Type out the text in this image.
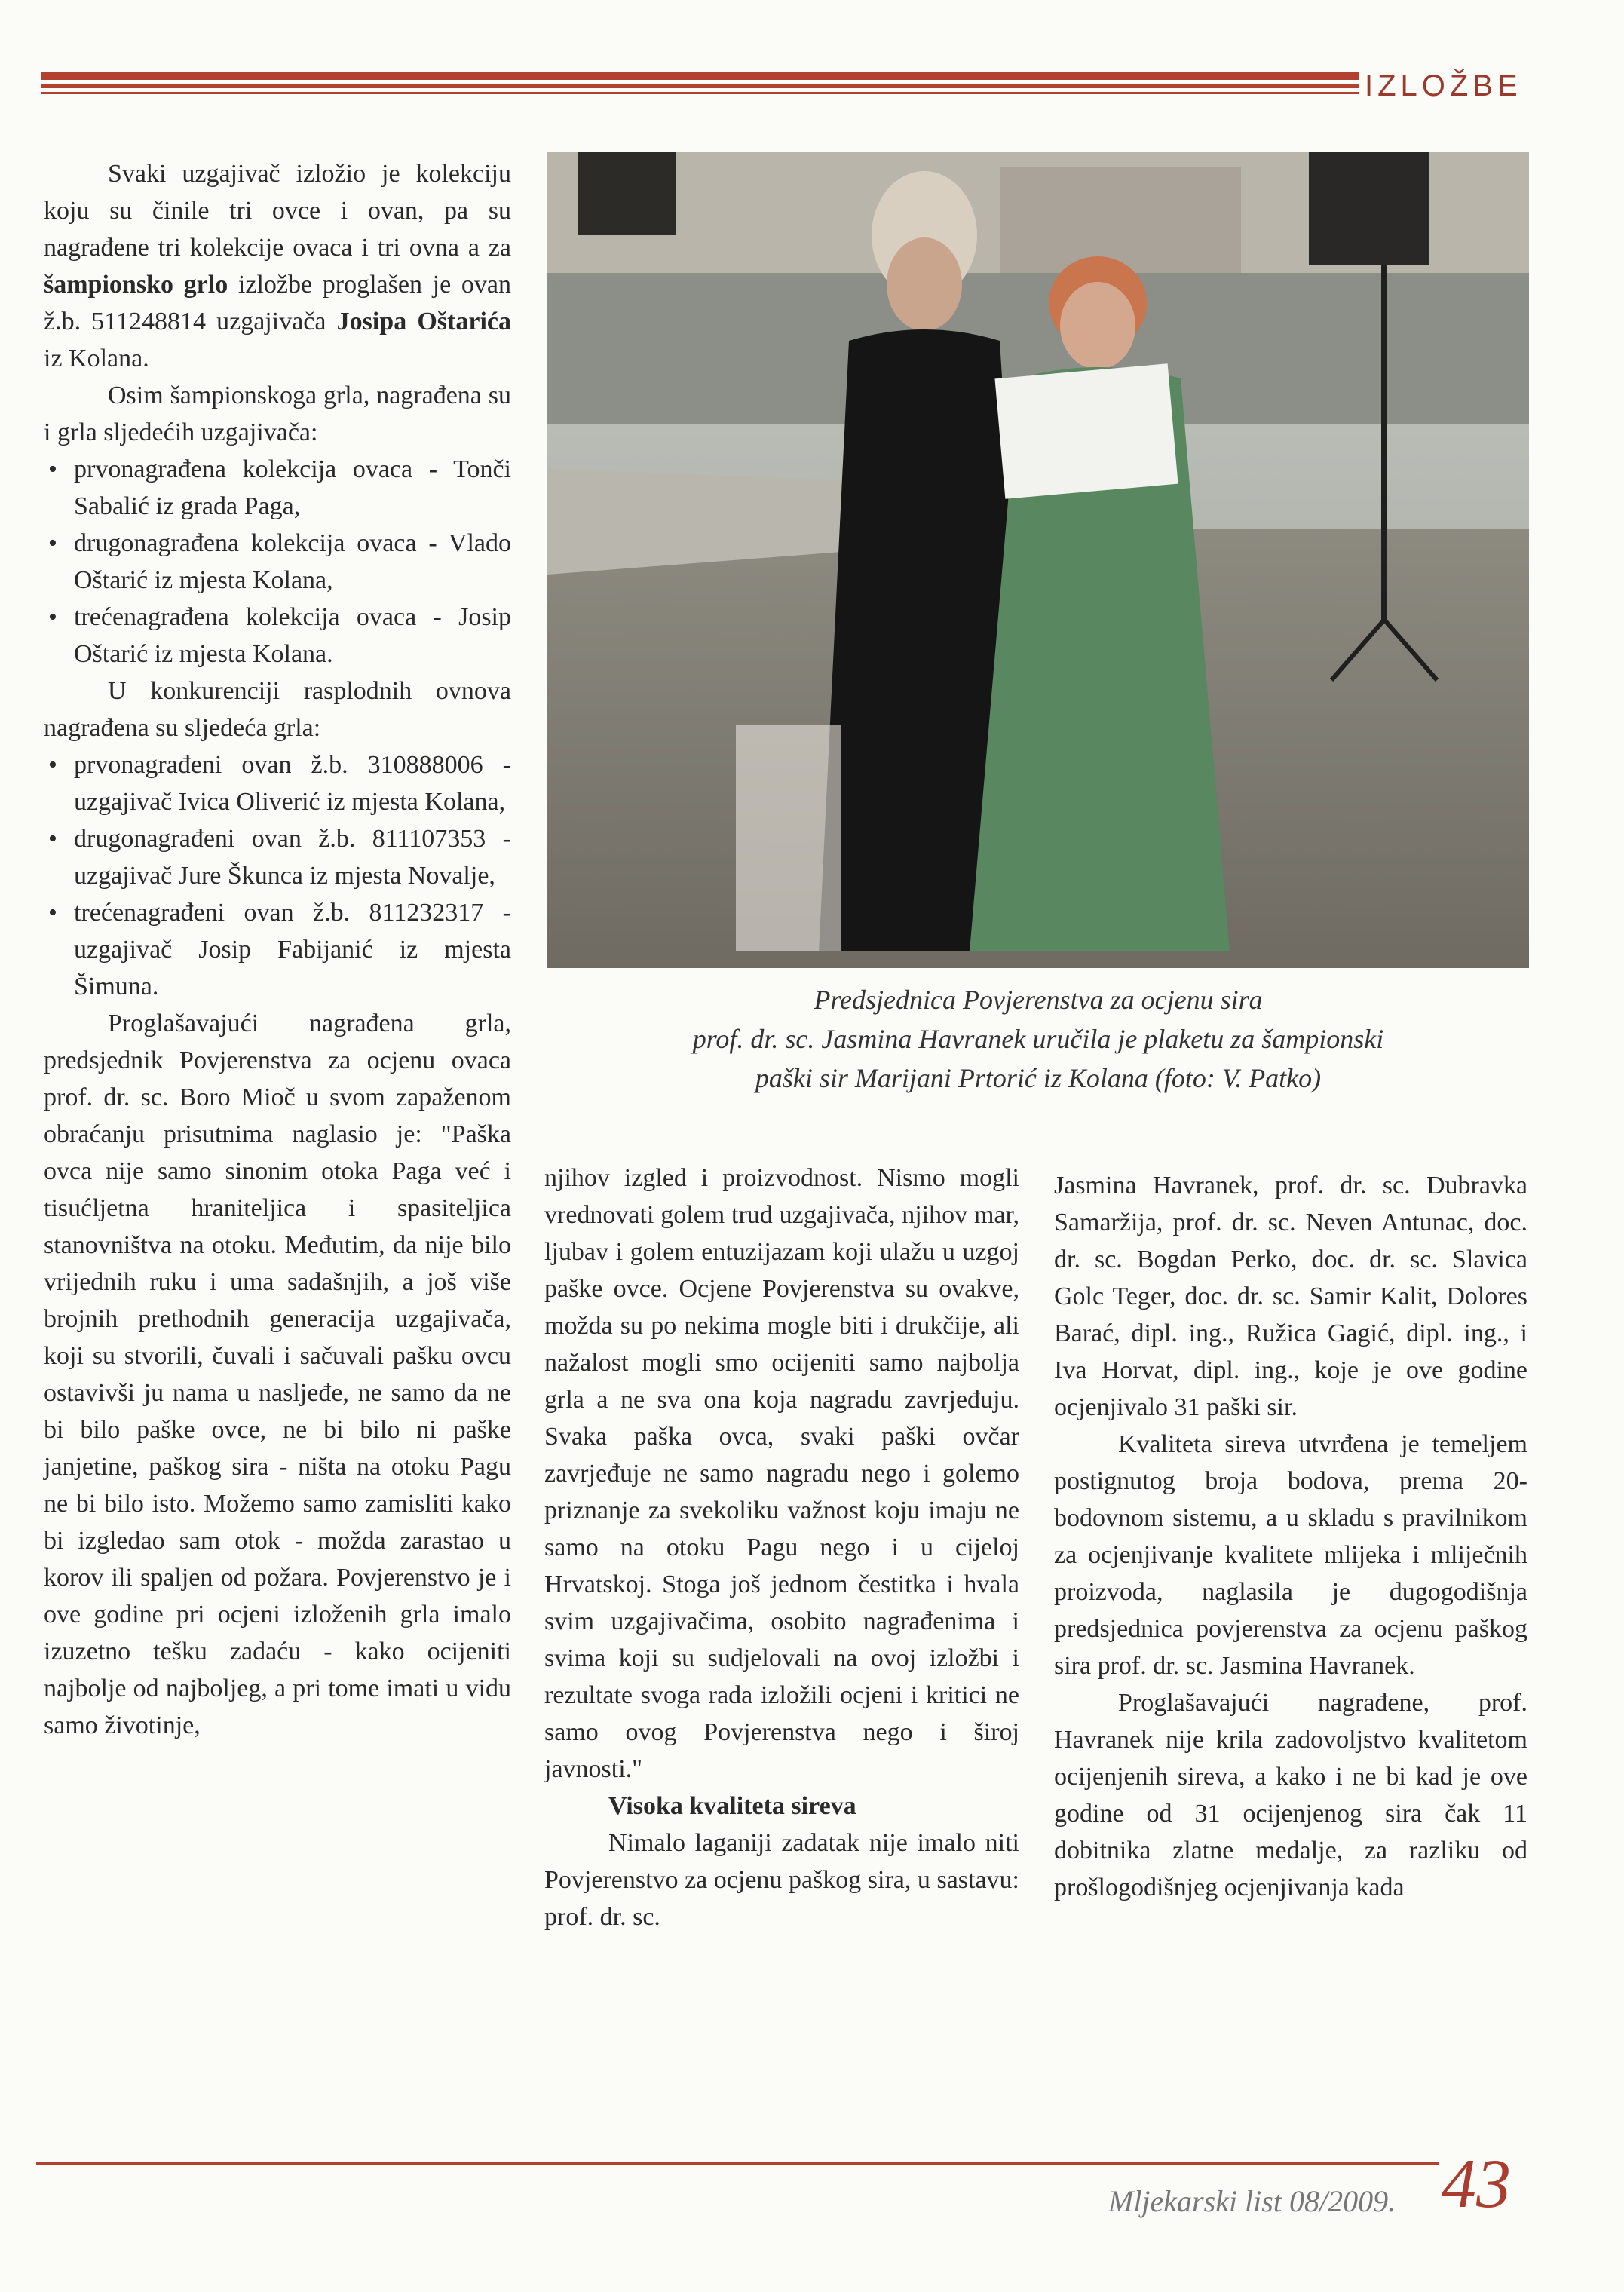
IZLOŽBE

Svaki uzgajivač izložio je kolekciju koju su činile tri ovce i ovan, pa su nagrađene tri kolekcije ovaca i tri ovna a za šampionsko grlo izložbe proglašen je ovan ž.b. 511248814 uzgajivača Josipa Oštarića iz Kolana.

Osim šampionskoga grla, nagrađena su i grla sljedećih uzgajivača:

• prvonagrađena kolekcija ovaca - Tonči Sabalić iz grada Paga,
• drugonagrađena kolekcija ovaca - Vlado Oštarić iz mjesta Kolana,
• trećenagrađena kolekcija ovaca - Josip Oštarić iz mjesta Kolana.

U konkurenciji rasplodnih ovnova nagrađena su sljedeća grla:

• prvonagrađeni ovan ž.b. 310888006 - uzgajivač Ivica Oliverić iz mjesta Kolana,
• drugonagrađeni ovan ž.b. 811107353 - uzgajivač Jure Škunca iz mjesta Novalje,
• trećenagrađeni ovan ž.b. 811232317 - uzgajivač Josip Fabijanić iz mjesta Šimuna.

Proglašavajući nagrađena grla, predsjednik Povjerenstva za ocjenu ovaca prof. dr. sc. Boro Mioč u svom zapaženom obraćanju prisutnima naglasio je: "Paška ovca nije samo sinonim otoka Paga već i tisućljetna hraniteljica i spasiteljica stanovništva na otoku. Međutim, da nije bilo vrijednih ruku i uma sadašnjih, a još više brojnih prethodnih generacija uzgajivača, koji su stvorili, čuvali i sačuvali pašku ovcu ostavivši ju nama u nasljeđe, ne samo da ne bi bilo paške ovce, ne bi bilo ni paške janjetine, paškog sira - ništa na otoku Pagu ne bi bilo isto. Možemo samo zamisliti kako bi izgledao sam otok - možda zarastao u korov ili spaljen od požara. Povjerenstvo je i ove godine pri ocjeni izloženih grla imalo izuzetno tešku zadaću - kako ocijeniti najbolje od najboljeg, a pri tome imati u vidu samo životinje,

Predsjednica Povjerenstva za ocjenu sira
prof. dr. sc. Jasmina Havranek uručila je plaketu za šampionski
paški sir Marijani Prtorić iz Kolana (foto: V. Patko)

njihov izgled i proizvodnost. Nismo mogli vrednovati golem trud uzgajivača, njihov mar, ljubav i golem entuzijazam koji ulažu u uzgoj paške ovce. Ocjene Povjerenstva su ovakve, možda su po nekima mogle biti i drukčije, ali nažalost mogli smo ocijeniti samo najbolja grla a ne sva ona koja nagradu zavrjeđuju. Svaka paška ovca, svaki paški ovčar zavrjeđuje ne samo nagradu nego i golemo priznanje za svekoliku važnost koju imaju ne samo na otoku Pagu nego i u cijeloj Hrvatskoj. Stoga još jednom čestitka i hvala svim uzgajivačima, osobito nagrađenima i svima koji su sudjelovali na ovoj izložbi i rezultate svoga rada izložili ocjeni i kritici ne samo ovog Povjerenstva nego i široj javnosti."

Visoka kvaliteta sireva

Nimalo laganiji zadatak nije imalo niti Povjerenstvo za ocjenu paškog sira, u sastavu: prof. dr. sc.

Jasmina Havranek, prof. dr. sc. Dubravka Samaržija, prof. dr. sc. Neven Antunac, doc. dr. sc. Bogdan Perko, doc. dr. sc. Slavica Golc Teger, doc. dr. sc. Samir Kalit, Dolores Barać, dipl. ing., Ružica Gagić, dipl. ing., i Iva Horvat, dipl. ing., koje je ove godine ocjenjivalo 31 paški sir.

Kvaliteta sireva utvrđena je temeljem postignutog broja bodova, prema 20-bodovnom sistemu, a u skladu s pravilnikom za ocjenjivanje kvalitete mlijeka i mliječnih proizvoda, naglasila je dugogodišnja predsjednica povjerenstva za ocjenu paškog sira prof. dr. sc. Jasmina Havranek.

Proglašavajući nagrađene, prof. Havranek nije krila zadovoljstvo kvalitetom ocijenjenih sireva, a kako i ne bi kad je ove godine od 31 ocijenjenog sira čak 11 dobitnika zlatne medalje, za razliku od prošlogodišnjeg ocjenjivanja kada

Mljekarski list 08/2009. 43
